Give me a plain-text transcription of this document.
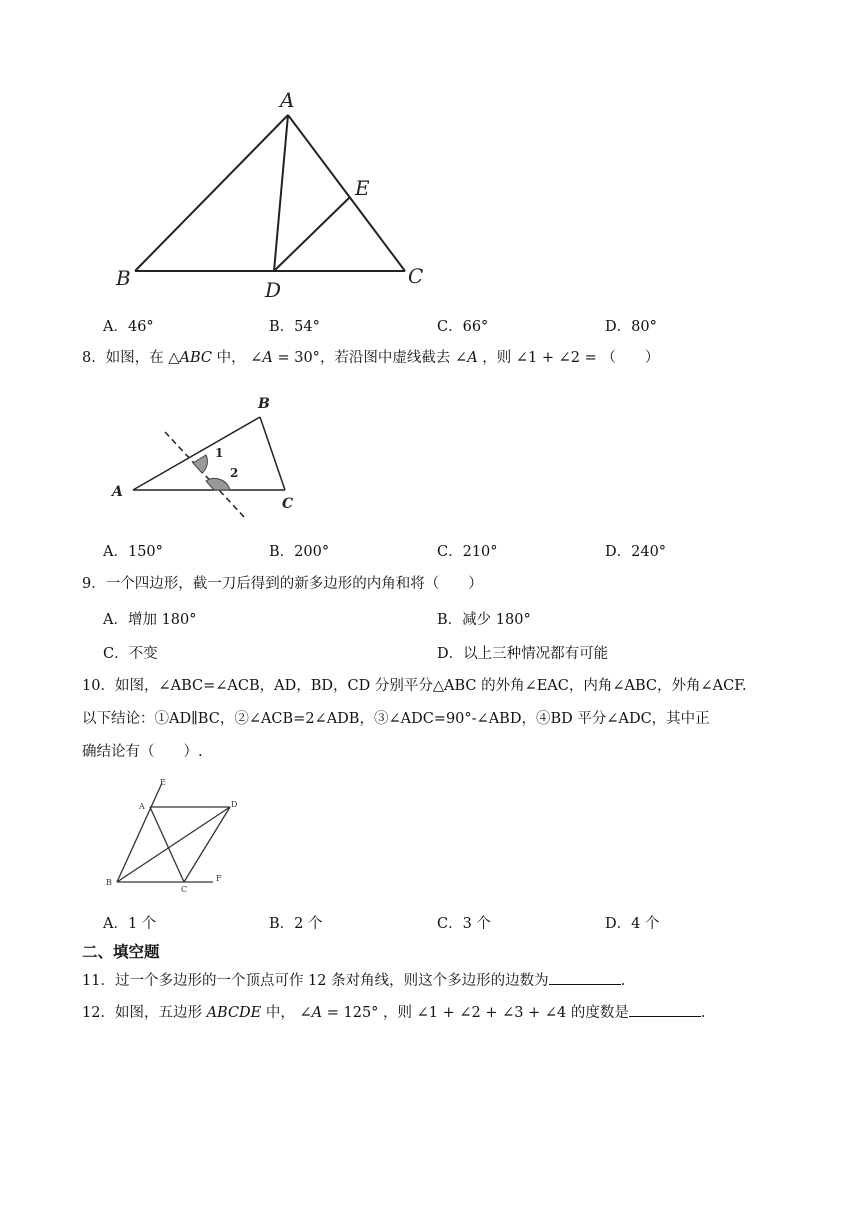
A
B	C
D
E
A．46°	B．54°	C．66°	D．80°
8．如图，在 △ABC 中， ∠A = 30°，若沿图中虚线截去 ∠A ，则 ∠1 + ∠2 = （　　）
A
B
C
1
2
A．150°	B．200°	C．210°	D．240°
9．一个四边形，截一刀后得到的新多边形的内角和将（　　）
A．增加 180°	B．减少 180°
C．不变	D．以上三种情况都有可能
10．如图，∠ABC=∠ACB，AD，BD，CD 分别平分△ABC 的外角∠EAC，内角∠ABC，外角∠ACF.
以下结论：①AD∥BC，②∠ACB=2∠ADB，③∠ADC=90°-∠ABD，④BD 平分∠ADC，其中正
确结论有（　　）.
A
B
C
D
E
F
A．1 个	B．2 个	C．3 个	D．4 个
二、填空题
11．过一个多边形的一个顶点可作 12 条对角线，则这个多边形的边数为	.
12．如图，五边形 ABCDE 中， ∠A = 125° ，则 ∠1 + ∠2 + ∠3 + ∠4 的度数是	.
